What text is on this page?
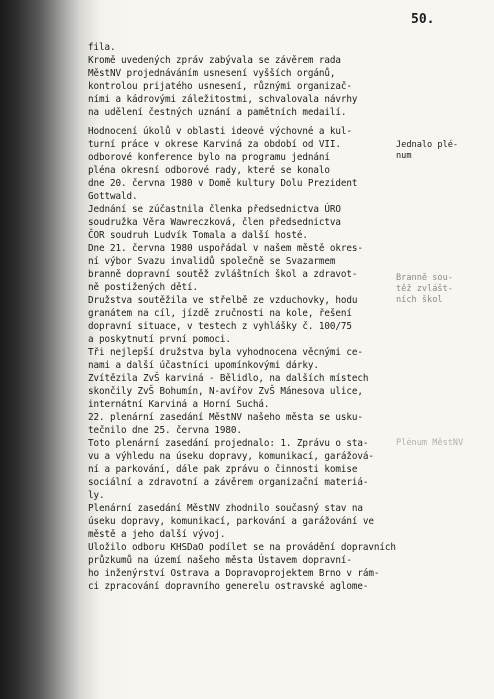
50.
fila.
Kromě uvedených zpráv zabývala se závěrem rada
MěstNV projednáváním usnesení vyšších orgánů,
kontrolou prijatého usnesení, různými organizač-
ními a kádrovými záležitostmi, schvalovala návrhy
na udělení čestných uznání a pamětních medailí.
Hodnocení úkolů v oblasti ideové výchovné a kul-
turní práce v okrese Karviná za období od VII.
odborové konference bylo na programu jednání
pléna okresní odborové rady, které se konalo
dne 20. června 1980 v Domě kultury Dolu Prezident
Gottwald.
Jednání se zúčastnila členka předsednictva ÚRO
soudružka Věra Wawreczková, člen předsednictva
ČOR soudruh Ludvík Tomala a další hosté.
Dne 21. června 1980 uspořádal v našem městě okres-
ní výbor Svazu invalidů společně se Svazarmem
branně dopravní soutěž zvláštních škol a zdravot-
ně postižených dětí.
Družstva soutěžila ve střelbě ze vzduchovky, hodu
granátem na cíl, jízdě zručnosti na kole, řešení
dopravní situace, v testech z vyhlášky č. 100/75
a poskytnutí první pomoci.
Tři nejlepší družstva byla vyhodnocena věcnými ce-
nami a další účastníci upomínkovými dárky.
Zvítězila ZvŠ karviná - Bělidlo, na dalších místech
skončily ZvŠ Bohumín, N-avířov ZvŠ Mánesova ulice,
internátní Karviná a Horní Suchá.
22. plenární zasedání MěstNV našeho města se usku-
tečnilo dne 25. června 1980.
Toto plenární zasedání projednalo: 1. Zprávu o sta-
vu a výhledu na úseku dopravy, komunikací, garážová-
ní a parkování, dále pak zprávu o činnosti komise
sociální a zdravotní a závěrem organizační materiá-
ly.
Plenární zasedání MěstNV zhodnilo současný stav na
úseku dopravy, komunikací, parkování a garážování ve
městě a jeho další vývoj.
Uložilo odboru KHSDaO podílet se na provádění dopravních
průzkumů na území našeho města Ústavem dopravní-
ho inženýrství Ostrava a Dopravoprojektem Brno v rám-
ci zpracování dopravního generelu ostravské aglome-
Jednalo plé-
num
Branně sou-
těž zvlášt-
ních škol
Plénum MěstNV
